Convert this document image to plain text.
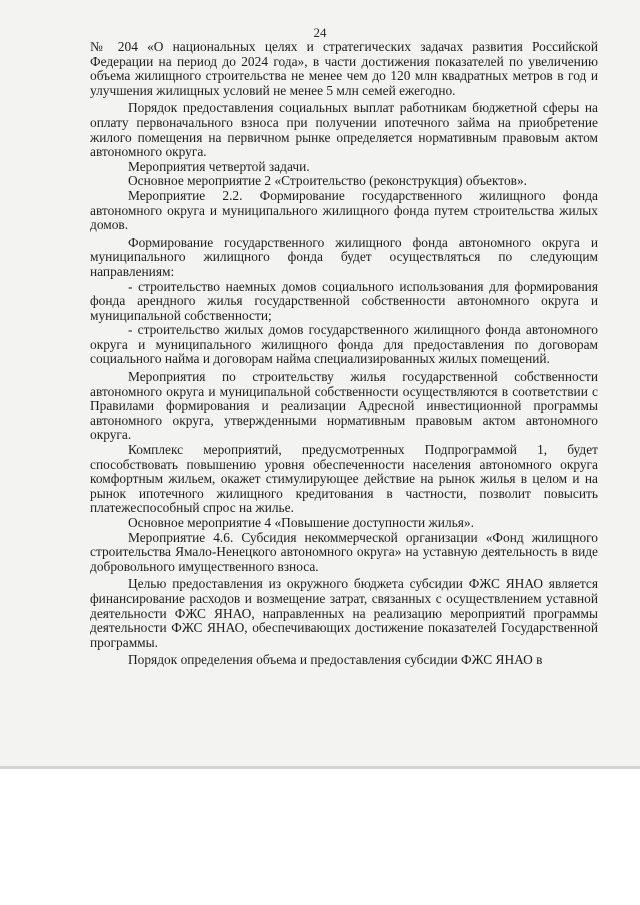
24

№ 204 «О национальных целях и стратегических задачах развития Российской Федерации на период до 2024 года», в части достижения показателей по увеличению объема жилищного строительства не менее чем до 120 млн квадратных метров в год и улучшения жилищных условий не менее 5 млн семей ежегодно.

Порядок предоставления социальных выплат работникам бюджетной сферы на оплату первоначального взноса при получении ипотечного займа на приобретение жилого помещения на первичном рынке определяется нормативным правовым актом автономного округа.

Мероприятия четвертой задачи.

Основное мероприятие 2 «Строительство (реконструкция) объектов».

Мероприятие 2.2. Формирование государственного жилищного фонда автономного округа и муниципального жилищного фонда путем строительства жилых домов.

Формирование государственного жилищного фонда автономного округа и муниципального жилищного фонда будет осуществляться по следующим направлениям:

- строительство наемных домов социального использования для формирования фонда арендного жилья государственной собственности автономного округа и муниципальной собственности;

- строительство жилых домов государственного жилищного фонда автономного округа и муниципального жилищного фонда для предоставления по договорам социального найма и договорам найма специализированных жилых помещений.

Мероприятия по строительству жилья государственной собственности автономного округа и муниципальной собственности осуществляются в соответствии с Правилами формирования и реализации Адресной инвестиционной программы автономного округа, утвержденными нормативным правовым актом автономного округа.

Комплекс мероприятий, предусмотренных Подпрограммой 1, будет способствовать повышению уровня обеспеченности населения автономного округа комфортным жильем, окажет стимулирующее действие на рынок жилья в целом и на рынок ипотечного жилищного кредитования в частности, позволит повысить платежеспособный спрос на жилье.

Основное мероприятие 4 «Повышение доступности жилья».

Мероприятие 4.6. Субсидия некоммерческой организации «Фонд жилищного строительства Ямало-Ненецкого автономного округа» на уставную деятельность в виде добровольного имущественного взноса.

Целью предоставления из окружного бюджета субсидии ФЖС ЯНАО является финансирование расходов и возмещение затрат, связанных с осуществлением уставной деятельности ФЖС ЯНАО, направленных на реализацию мероприятий программы деятельности ФЖС ЯНАО, обеспечивающих достижение показателей Государственной программы.

Порядок определения объема и предоставления субсидии ФЖС ЯНАО в
